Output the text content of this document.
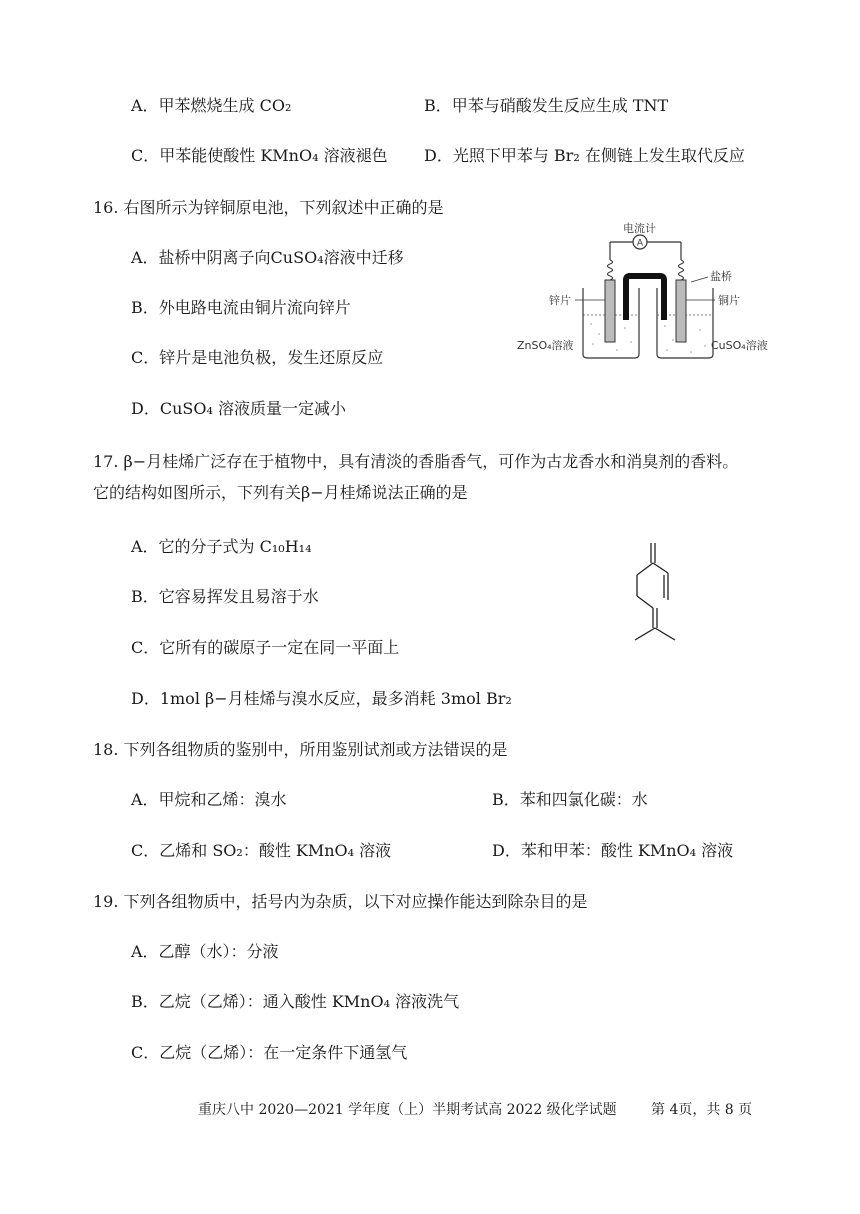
A．甲苯燃烧生成 CO₂	B．甲苯与硝酸发生反应生成 TNT
C．甲苯能使酸性 KMnO₄ 溶液褪色 D．光照下甲苯与 Br₂ 在侧链上发生取代反应
16. 右图所示为锌铜原电池，下列叙述中正确的是
A．盐桥中阴离子向CuSO₄溶液中迁移
B．外电路电流由铜片流向锌片
C．锌片是电池负极，发生还原反应
D．CuSO₄ 溶液质量一定减小
A
电流计
盐桥
锌片	铜片
ZnSO₄溶液	CuSO₄溶液
17. β−月桂烯广泛存在于植物中，具有清淡的香脂香气，可作为古龙香水和消臭剂的香料。
它的结构如图所示，下列有关β−月桂烯说法正确的是
A．它的分子式为 C₁₀H₁₄
B．它容易挥发且易溶于水
C．它所有的碳原子一定在同一平面上
D．1mol β−月桂烯与溴水反应，最多消耗 3mol Br₂
18. 下列各组物质的鉴别中，所用鉴别试剂或方法错误的是
A．甲烷和乙烯：溴水	B．苯和四氯化碳：水
C．乙烯和 SO₂：酸性 KMnO₄ 溶液	D．苯和甲苯：酸性 KMnO₄ 溶液
19. 下列各组物质中，括号内为杂质，以下对应操作能达到除杂目的是
A．乙醇（水）：分液
B．乙烷（乙烯）：通入酸性 KMnO₄ 溶液洗气
C．乙烷（乙烯）：在一定条件下通氢气
重庆八中 2020—2021 学年度（上）半期考试高 2022 级化学试题 第 4页，共 8 页
